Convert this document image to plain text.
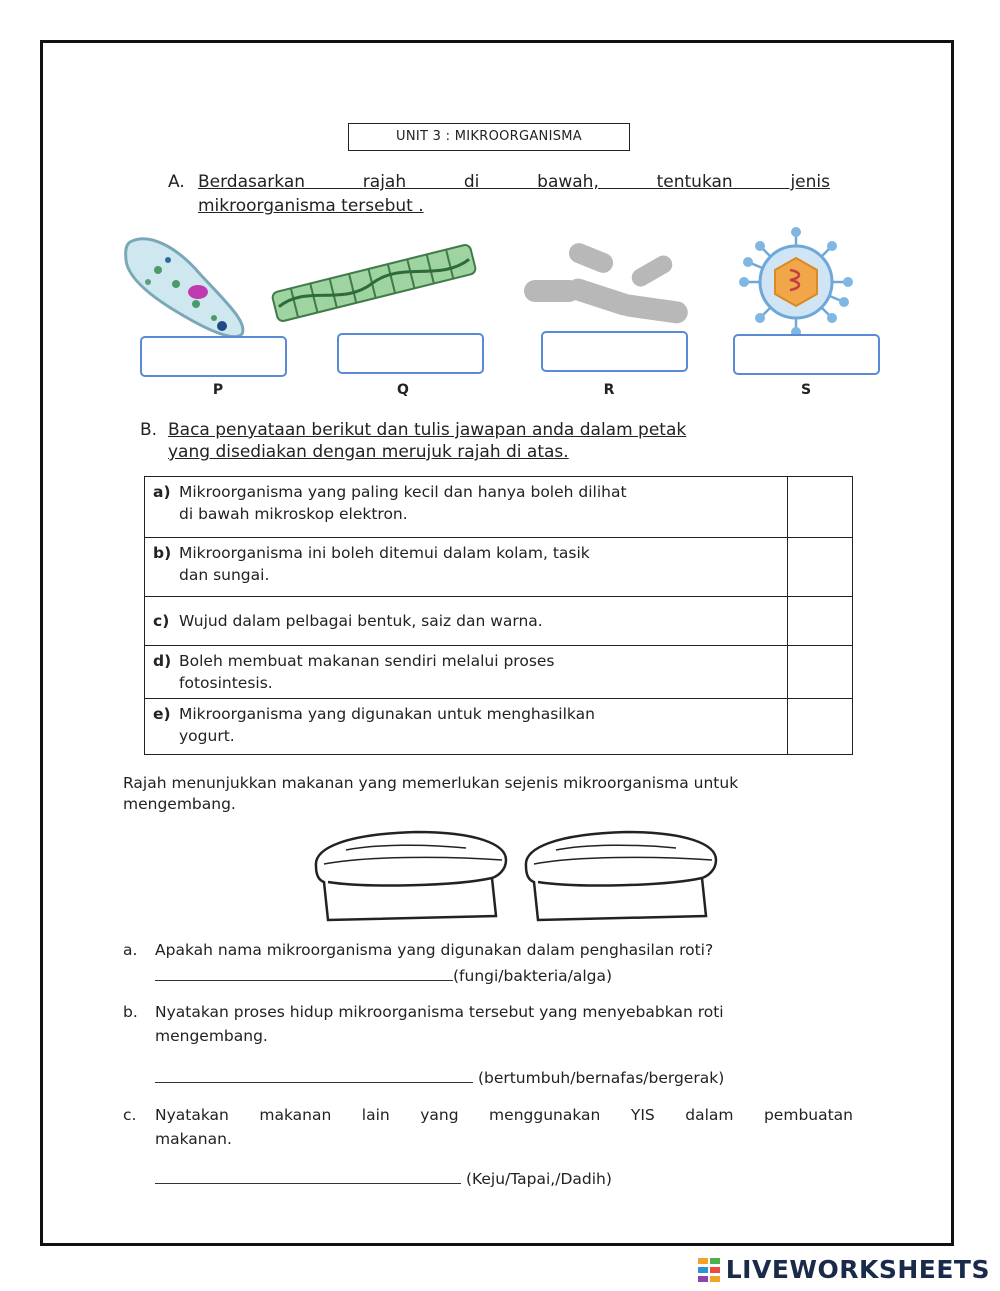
UNIT 3 : MIKROORGANISMA
A. Berdasarkan rajah di bawah, tentukan jenis
mikroorganisma tersebut .
P	Q	R	S
B. Baca penyataan berikut dan tulis jawapan anda dalam petak
yang disediakan dengan merujuk rajah di atas.
a) Mikroorganisma yang paling kecil dan hanya boleh dilihat
di bawah mikroskop elektron.	

b) Mikroorganisma ini boleh ditemui dalam kolam, tasik
dan sungai.	

c) Wujud dalam pelbagai bentuk, saiz dan warna.	

d) Boleh membuat makanan sendiri melalui proses
fotosintesis.	

e) Mikroorganisma yang digunakan untuk menghasilkan
yogurt.	

Rajah menunjukkan makanan yang memerlukan sejenis mikroorganisma untuk mengembang.
a. Apakah nama mikroorganisma yang digunakan dalam penghasilan roti?
(fungi/bakteria/alga)
b. Nyatakan proses hidup mikroorganisma tersebut yang menyebabkan roti
mengembang.
(bertumbuh/bernafas/bergerak)
c. Nyatakan makanan lain yang menggunakan YIS dalam pembuatan
makanan.
(Keju/Tapai,/Dadih)
LIVEWORKSHEETS
